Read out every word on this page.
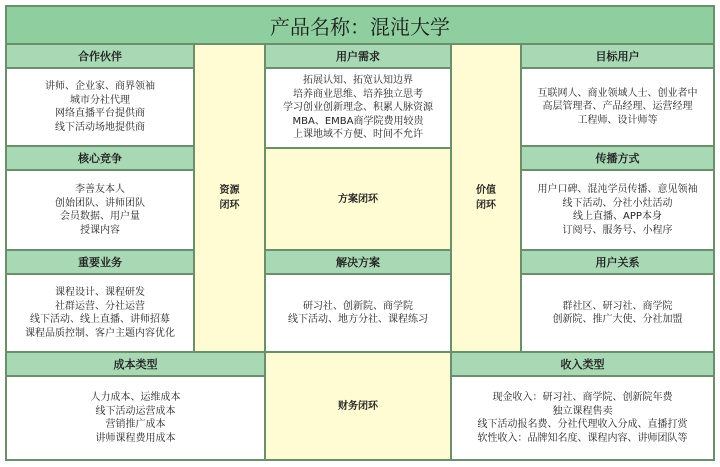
产品名称：混沌大学
合作伙伴
讲师、企业家、商界领袖
城市分社代理
网络直播平台提供商
线下活动场地提供商
核心竞争
李善友本人
创始团队、讲师团队
会员数据、用户量
授课内容
重要业务
课程设计、课程研发
社群运营、分社运营
线下活动、线上直播、讲师招募
课程品质控制、客户主题内容优化
资源
闭环
用户需求
拓展认知、拓宽认知边界
培养商业思维、培养独立思考
学习创业创新理念、积累人脉资源
MBA、EMBA商学院费用较贵
上课地域不方便、时间不允许
方案闭环
解决方案
研习社、创新院、商学院
线下活动、地方分社、课程练习
价值
闭环
目标用户
互联网人、商业领域人士、创业者中
高层管理者、产品经理、运营经理
工程师、设计师等
传播方式
用户口碑、混沌学员传播、意见领袖
线下活动、分社小灶活动
线上直播、APP本身
订阅号、服务号、小程序
用户关系
群社区、研习社、商学院
创新院、推广大使、分社加盟
成本类型
人力成本、运维成本
线下活动运营成本
营销推广成本
讲师课程费用成本
财务闭环
收入类型
现金收入：研习社、商学院、创新院年费
独立课程售卖
线下活动报名费、分社代理收入分成、直播打赏
软性收入：品牌知名度、课程内容、讲师团队等
